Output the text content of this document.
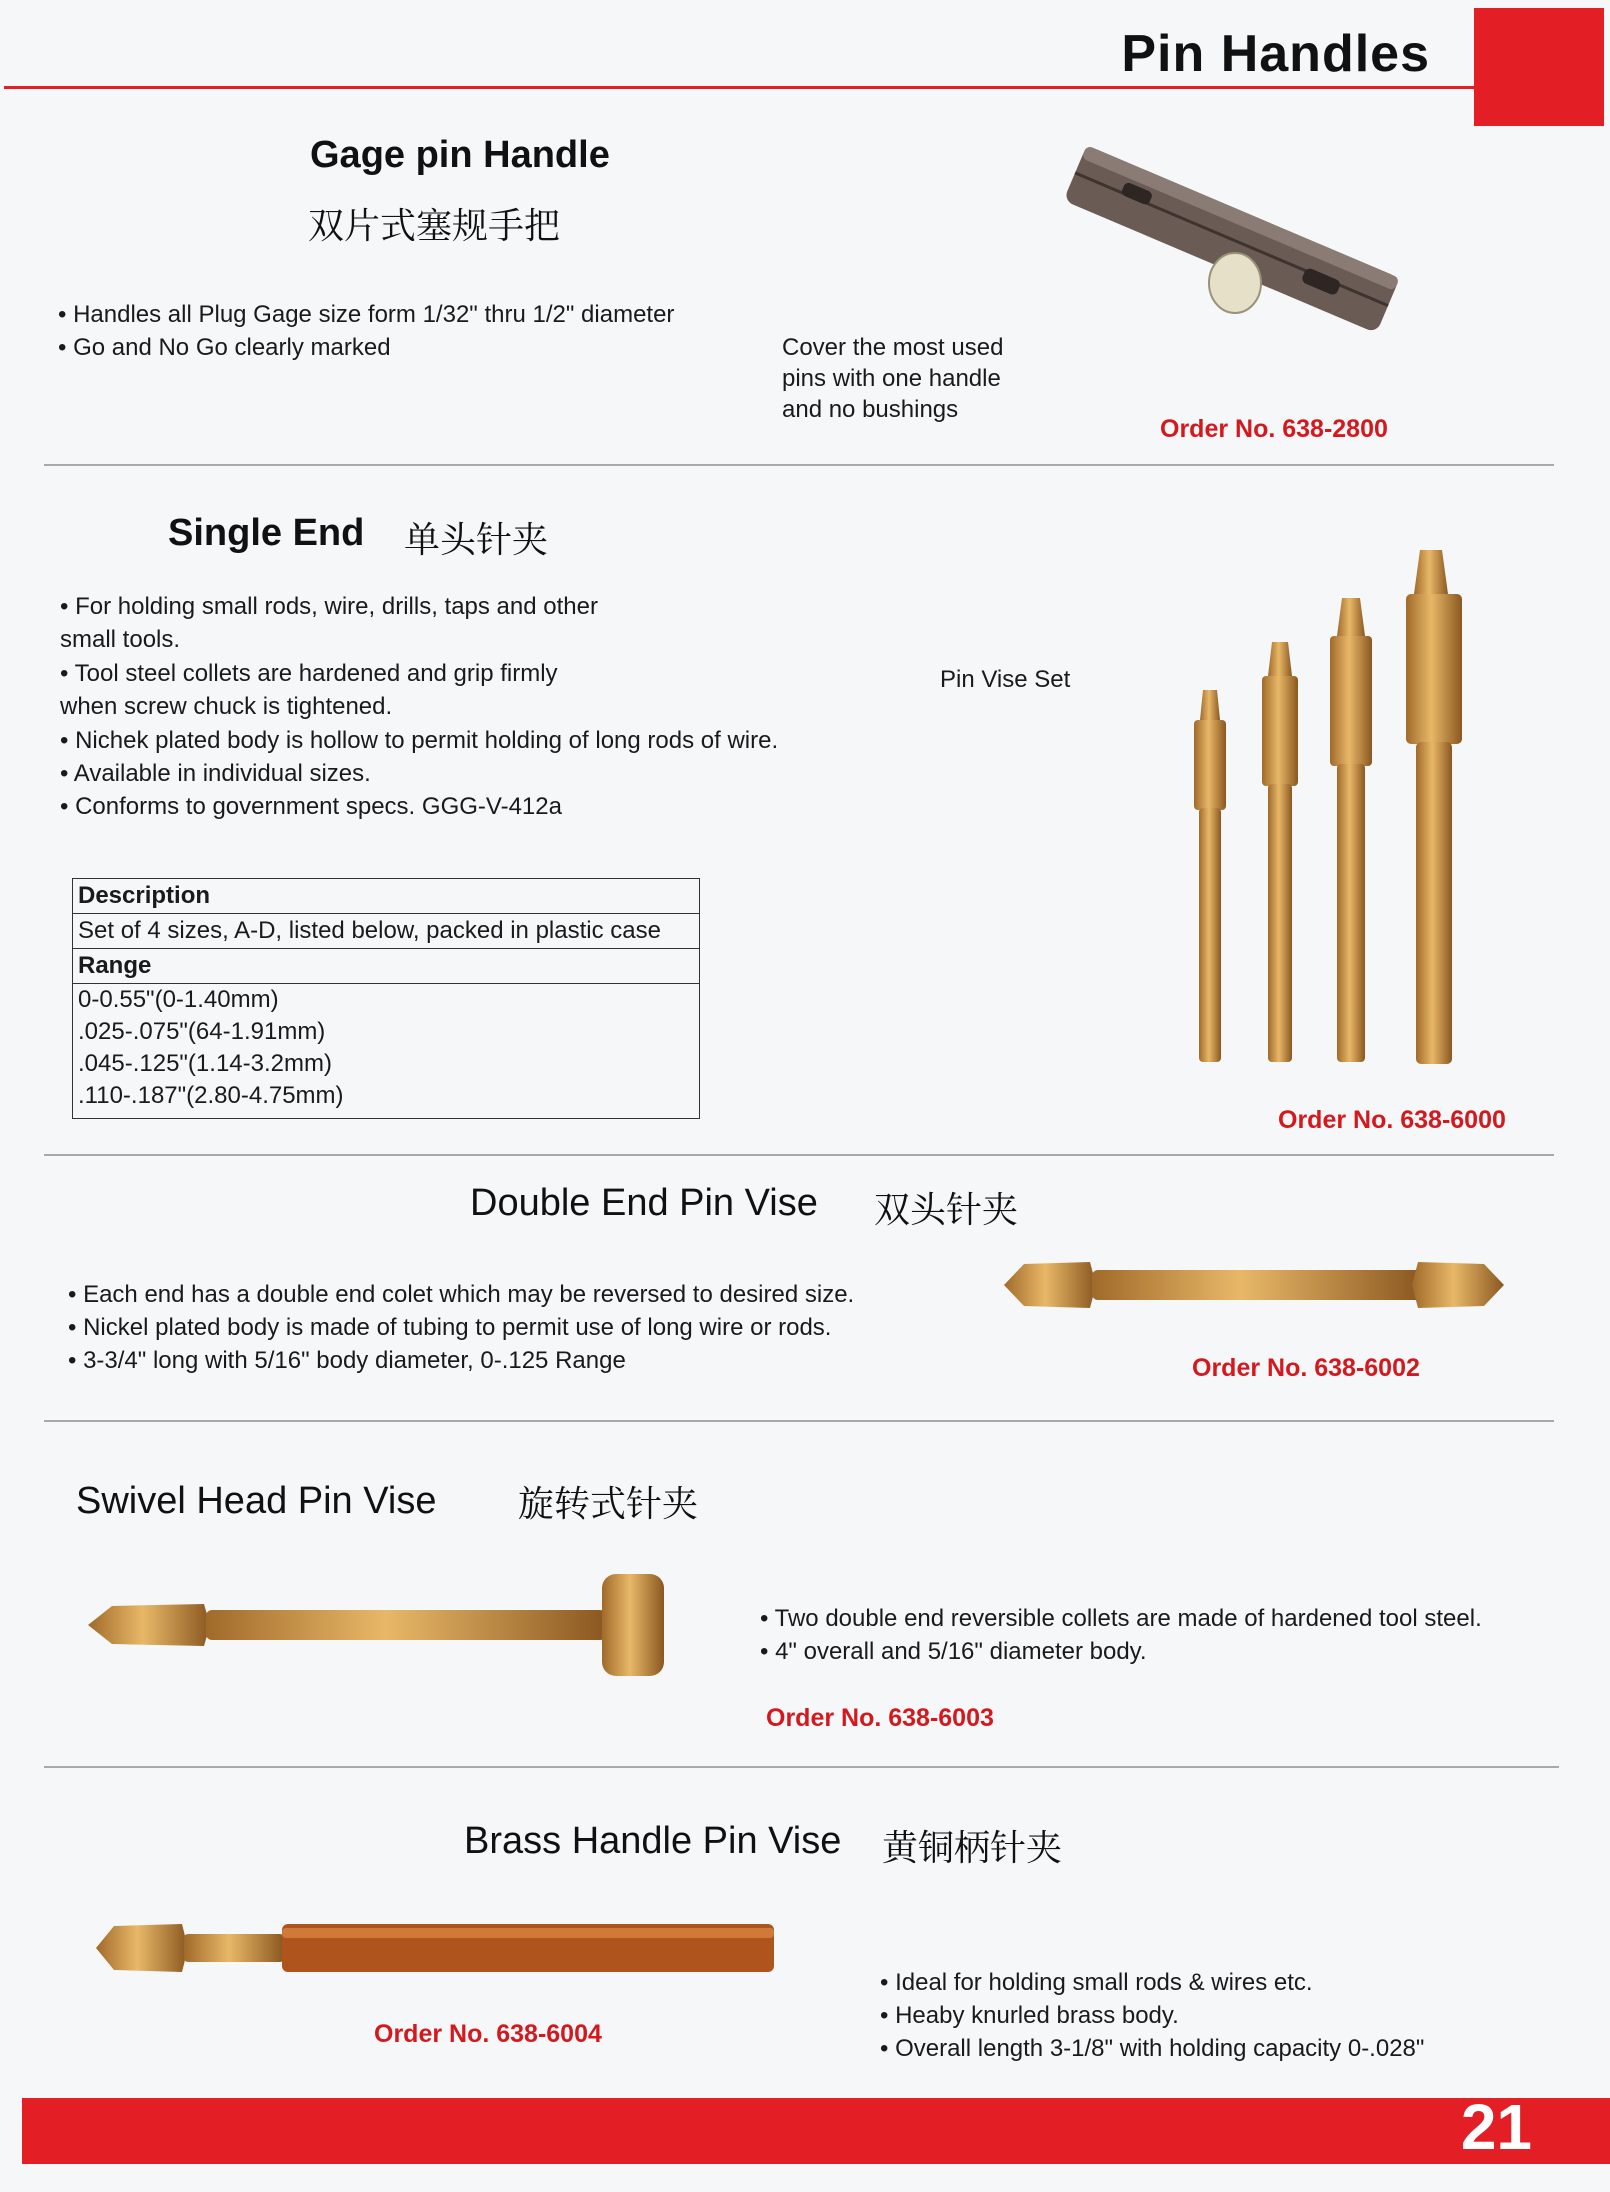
Pin Handles
Gage pin Handle
双片式塞规手把
• Handles all Plug Gage size form 1/32" thru 1/2" diameter
• Go and No Go clearly marked	Cover the most used
pins with one handle
and no bushings
Order No. 638-2800
Single End 单头针夹
• For holding small rods, wire, drills, taps and other small tools.
• Tool steel collets are hardened and grip firmly when screw chuck is tightened.
• Nichek plated body is hollow to permit holding of long rods of wire.
• Available in individual sizes.
• Conforms to government specs. GGG-V-412a
Description
Set of 4 sizes, A-D, listed below, packed in plastic case
Range
0-0.55"(0-1.40mm)
.025-.075"(64-1.91mm)
.045-.125"(1.14-3.2mm)
.110-.187"(2.80-4.75mm)
Pin Vise Set
Order No. 638-6000
Double End Pin Vise 双头针夹
• Each end has a double end colet which may be reversed to desired size.
• Nickel plated body is made of tubing to permit use of long wire or rods.
• 3-3/4" long with 5/16" body diameter, 0-.125 Range	Order No. 638-6002
Swivel Head Pin Vise 旋转式针夹
• Two double end reversible collets are made of hardened tool steel.
• 4" overall and 5/16" diameter body.
Order No. 638-6003
Brass Handle Pin Vise 黄铜柄针夹
Order No. 638-6004
• Ideal for holding small rods & wires etc.
• Heaby knurled brass body.
• Overall length 3-1/8" with holding capacity 0-.028"
21
